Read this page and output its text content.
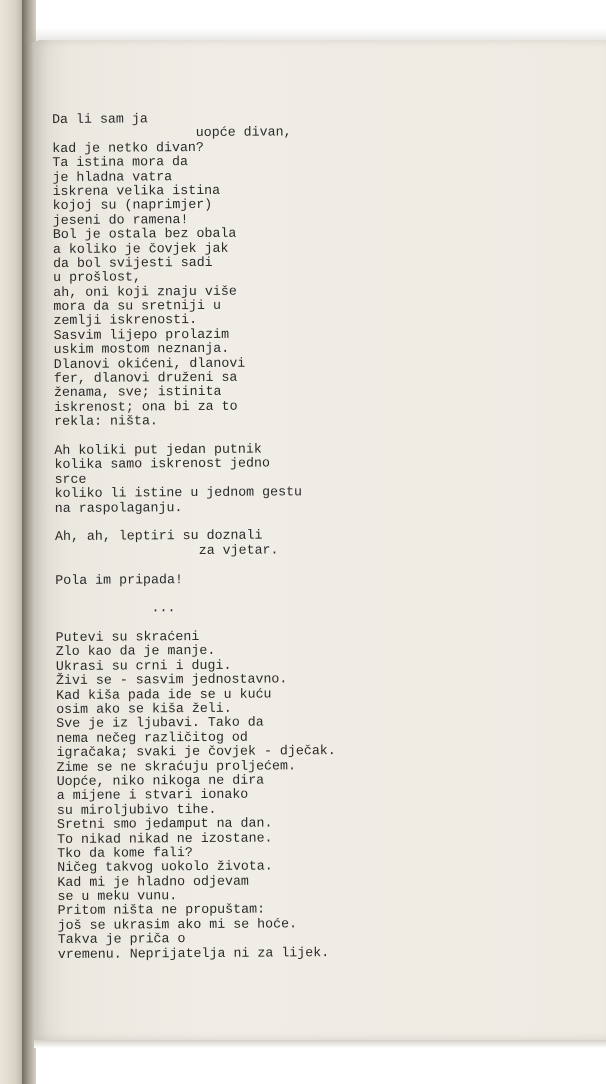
Da li sam ja
uopće divan,
kad je netko divan?
Ta istina mora da
je hladna vatra
iskrena velika istina
kojoj su (naprimjer)
jeseni do ramena!
Bol je ostala bez obala
a koliko je čovjek jak
da bol svijesti sadi
u prošlost,
ah, oni koji znaju više
mora da su sretniji u
zemlji iskrenosti.
Sasvim lijepo prolazim
uskim mostom neznanja.
Dlanovi okićeni, dlanovi
fer, dlanovi druženi sa
ženama, sve; istinita
iskrenost; ona bi za to
rekla: ništa.
Ah koliki put jedan putnik
kolika samo iskrenost jedno
srce
koliko li istine u jednom gestu
na raspolaganju.
Ah, ah, leptiri su doznali
za vjetar.
Pola im pripada!
...
Putevi su skraćeni
Zlo kao da je manje.
Ukrasi su crni i dugi.
Živi se - sasvim jednostavno.
Kad kiša pada ide se u kuću
osim ako se kiša želi.
Sve je iz ljubavi. Tako da
nema nečeg različitog od
igračaka; svaki je čovjek - dječak.
Zime se ne skraćuju proljećem.
Uopće, niko nikoga ne dira
a mijene i stvari ionako
su miroljubivo tihe.
Sretni smo jedamput na dan.
To nikad nikad ne izostane.
Tko da kome fali?
Ničeg takvog uokolo života.
Kad mi je hladno odjevam
se u meku vunu.
Pritom ništa ne propuštam:
još se ukrasim ako mi se hoće.
Takva je priča o
vremenu. Neprijatelja ni za lijek.
